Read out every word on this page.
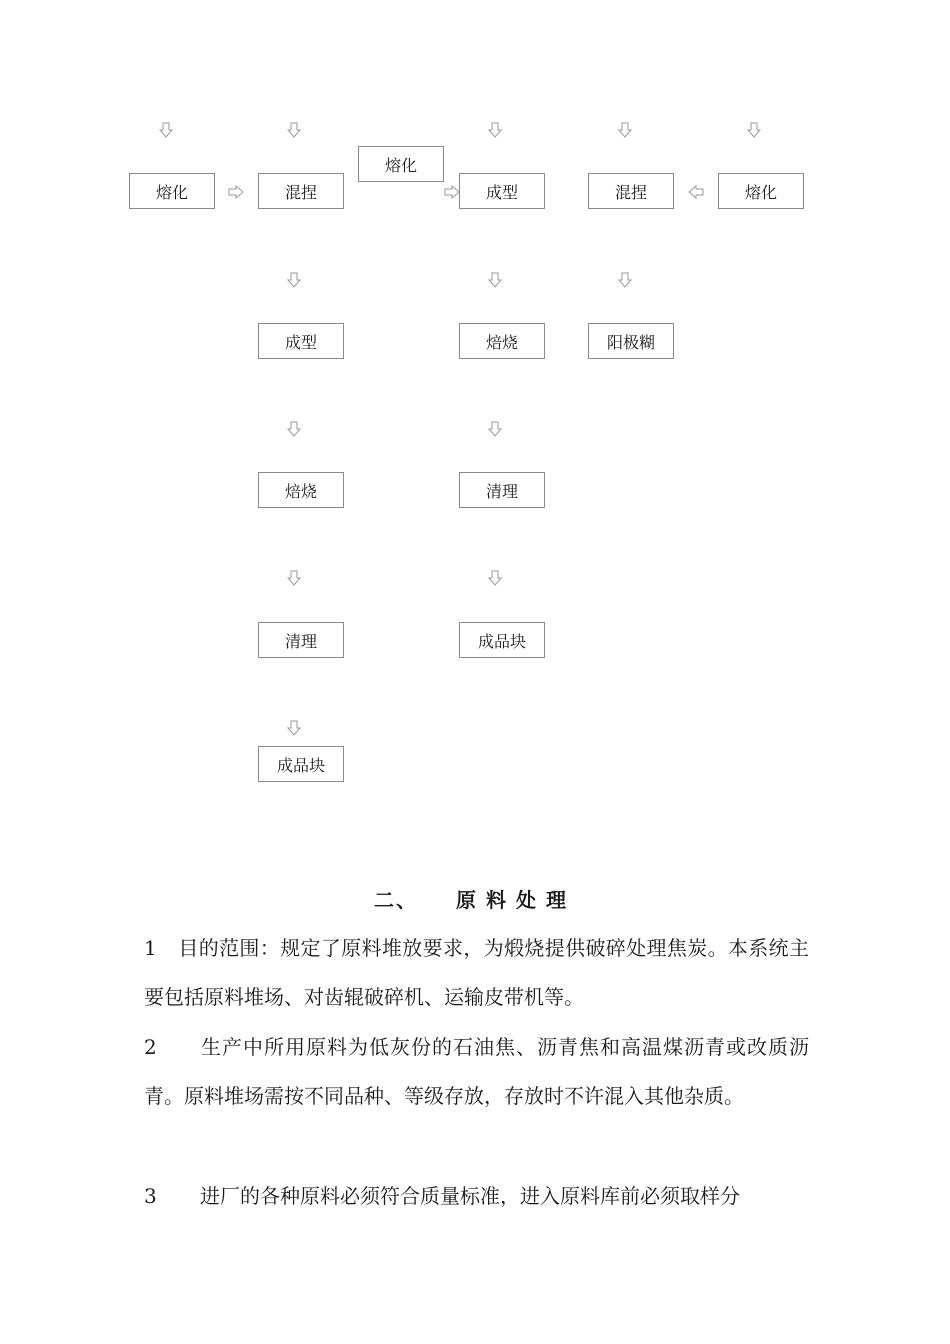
熔化	混捏
熔化
成型	混捏	熔化
成型	焙烧	阳极糊
焙烧	清理
清理	成品块
成品块
二、 原料处理
1 目的范围：规定了原料堆放要求，为煅烧提供破碎处理焦炭。本系统主要包括原料堆场、对齿辊破碎机、运输皮带机等。
2 生产中所用原料为低灰份的石油焦、沥青焦和高温煤沥青或改质沥青。原料堆场需按不同品种、等级存放，存放时不许混入其他杂质。
3 进厂的各种原料必须符合质量标准，进入原料库前必须取样分
